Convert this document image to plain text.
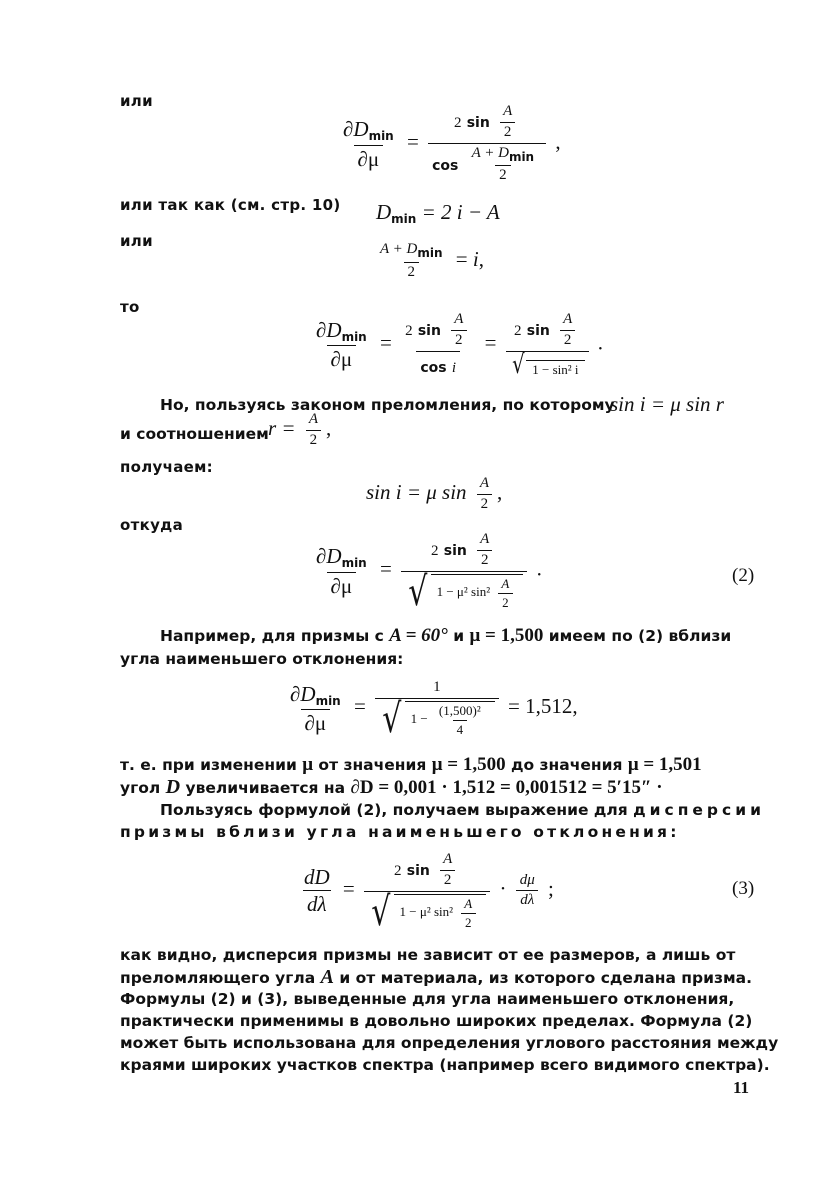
или
$\frac{\partial D_{min}}{\partial\mu} = \frac{2 \sin \frac{A}{2}}{\cos \frac{A + D_{min}}{2}}$ ,
или так как (см. стр. 10) $D_{min} = 2$ i − A
или
$\frac{A + D_{min}}{2} = i$,
то
$\frac{\partial D_{min}}{\partial\mu} = \frac{2 \sin \frac{A}{2}}{\text{cos i}} = \frac{2 \sin \frac{A}{2}}{\text{√ 1 − sin² i}}$ .
Но, пользуясь законом преломления, по которому
sin i = μ sin r
и соотношением $r = \frac{A}{2}$ ,
получаем:
sin i = μ $\sin \frac{A}{2}$ ,
откуда
$\frac{\partial D_{min}}{\partial\mu} = \frac{2 \sin \frac{A}{2}}{√ 1 - \mu^2 \sin^2 \frac{A}{2}}$ .	(2)
Например, для призмы с A = 60° и μ = 1,500 имеем по (2) вблизи
угла наименьшего отклонения:
$\frac{\partial D_{min}}{\partial\mu} = \frac{1}{√ 1 - \frac{\text{(1,500)²}}{4}} = 1,512$,
т. е. при изменении μ от значения μ = 1,500 до значения μ = 1,501
угол D увеличивается на ∂D = 0,001 · 1,512 = 0,001512 = 5′15″ ·
Пользуясь формулой (2), получаем выражение для дисперсии
призмы вблизи угла наименьшего отклонения:
$\frac{dD}{d\lambda} = \frac{2 \sin \frac{A}{2}}{√ 1 - \mu^2 \sin^2 \frac{A}{2}} \cdot \frac{d\mu}{d\lambda}$ ;	(3)
как видно, дисперсия призмы не зависит от ее размеров, а лишь от
преломляющего угла A и от материала, из которого сделана призма.
Формулы (2) и (3), выведенные для угла наименьшего отклонения,
практически применимы в довольно широких пределах. Формула (2)
может быть использована для определения углового расстояния между
краями широких участков спектра (например всего видимого спектра).
11
